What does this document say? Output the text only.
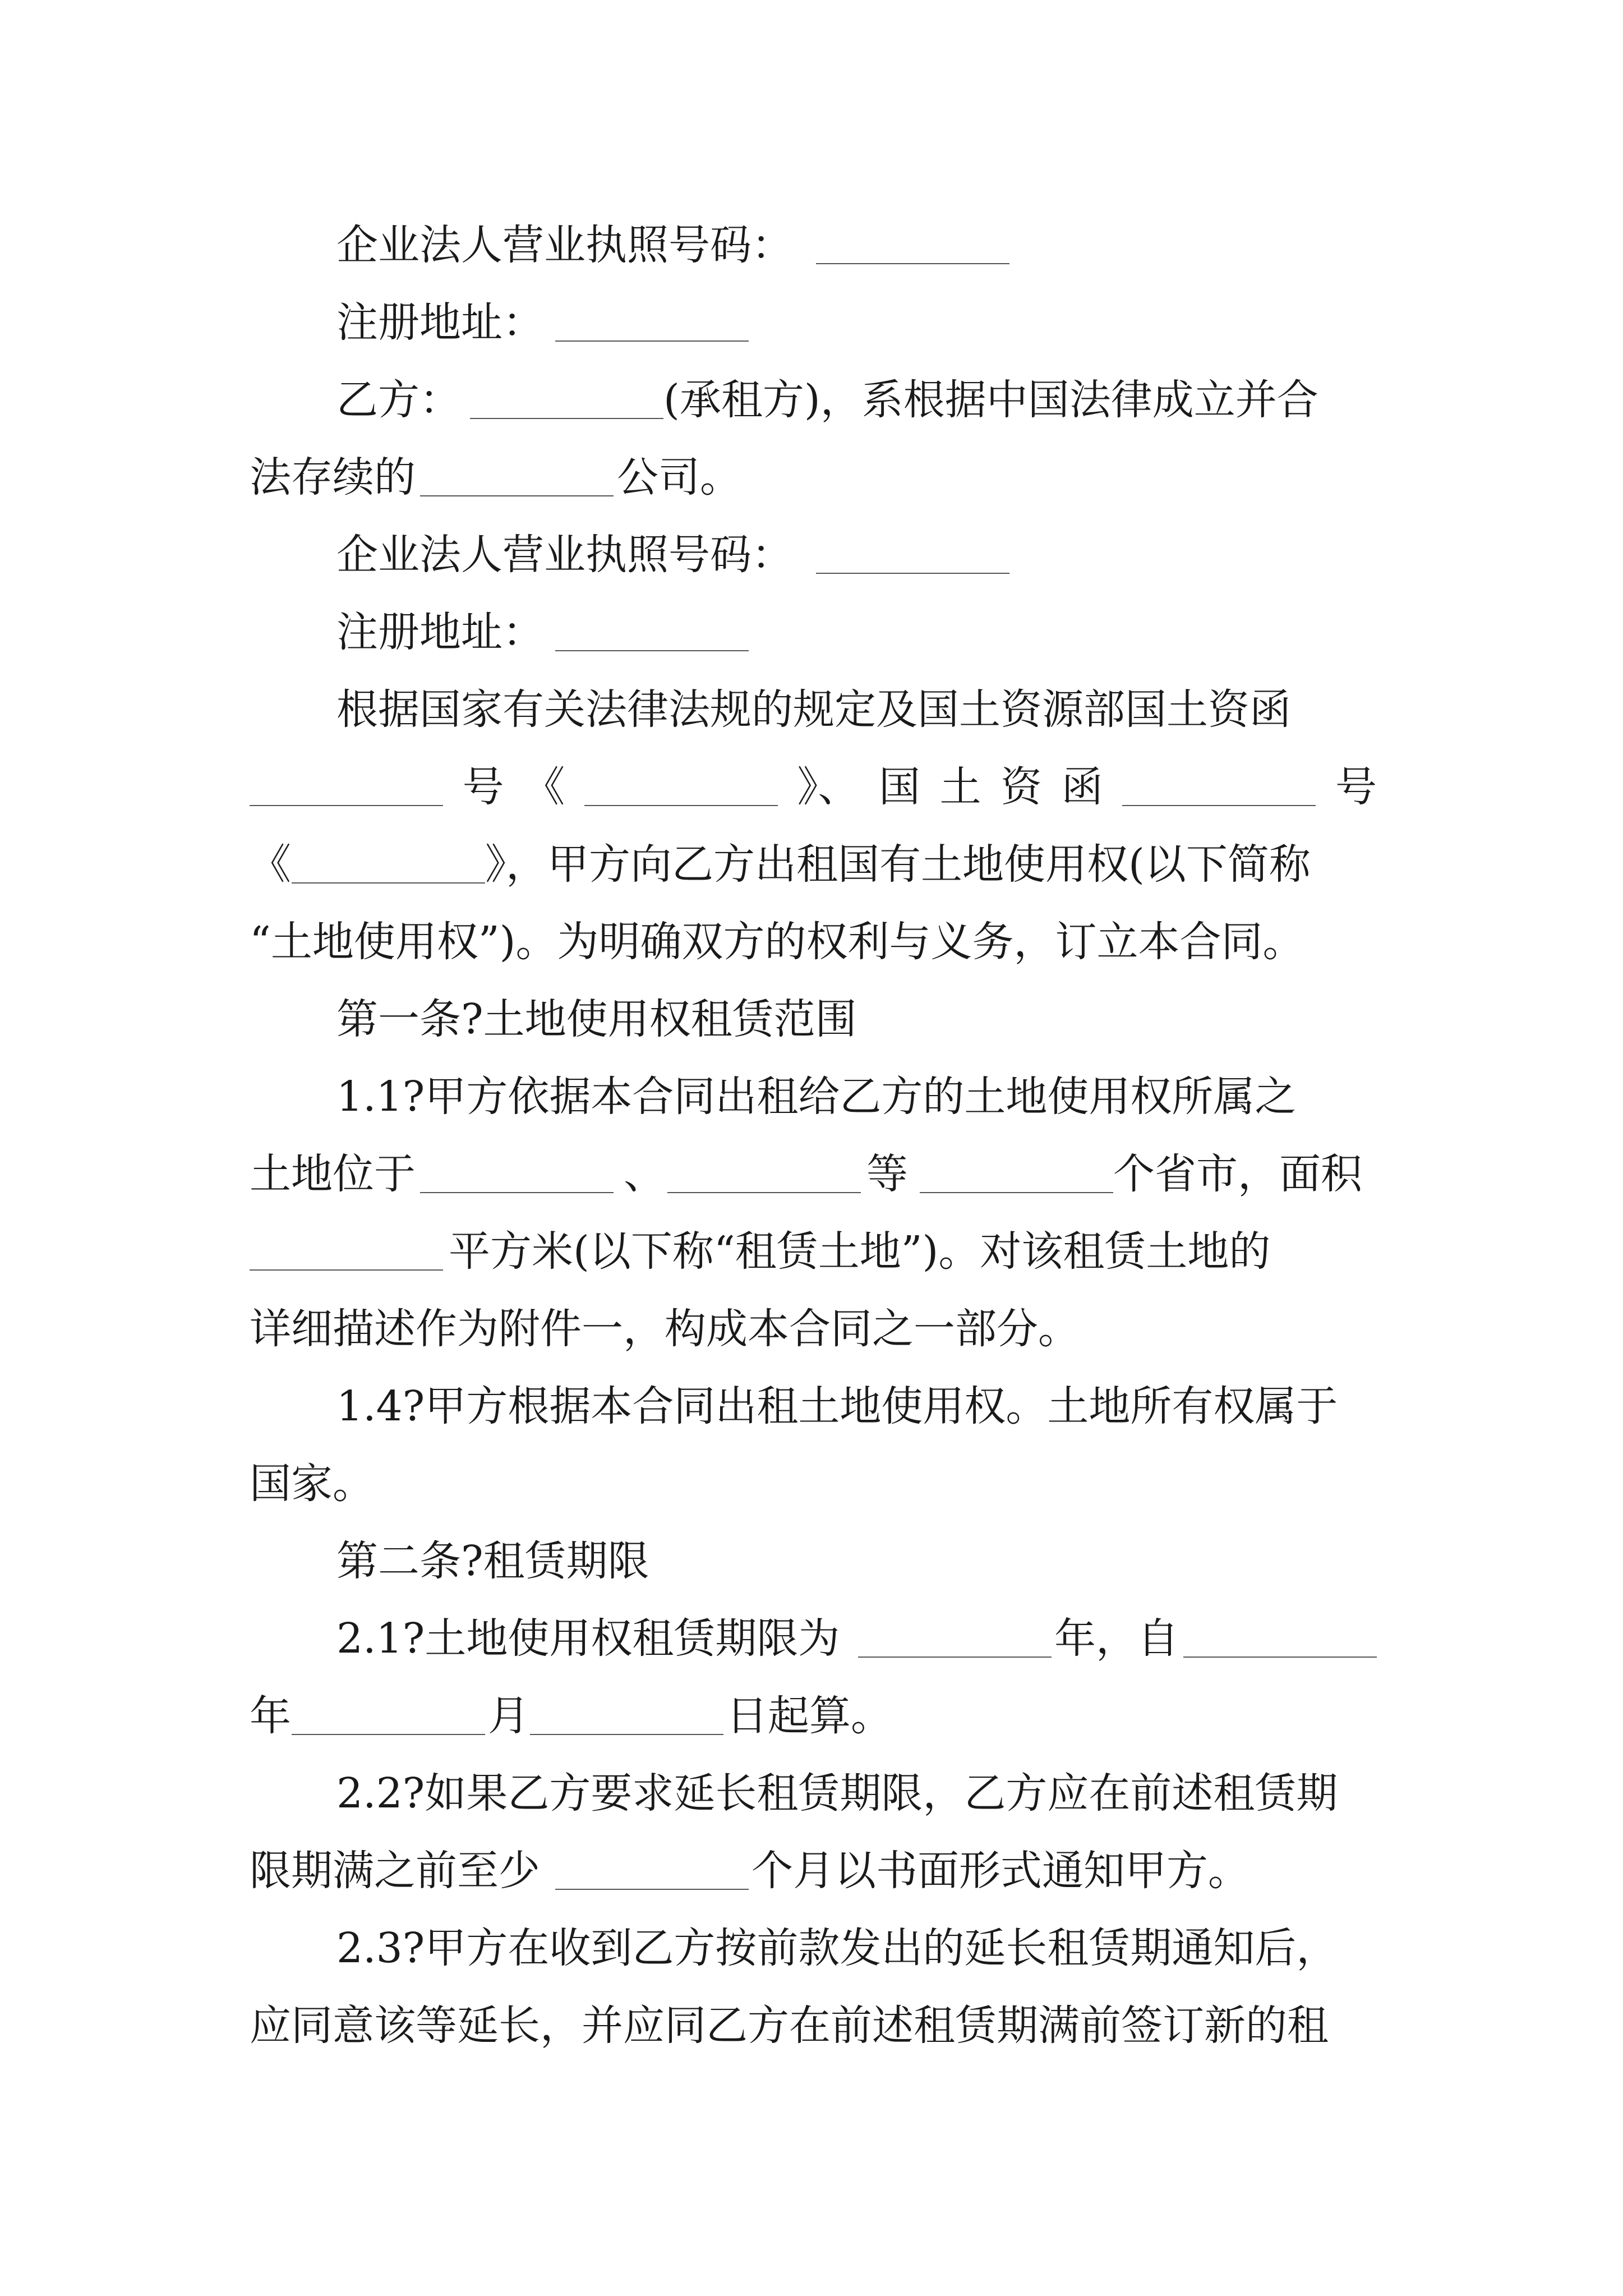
企业法人营业执照号码：

注册地址：

乙方：

	(承租方)，系根据中国法律成立并合

法存续的

	公司。

企业法人营业执照号码：

注册地址：

根据国家有关法律法规的规定及国土资源部国土资函

号 《	》、 国 土 资 函	号

《

	》，甲方向乙方出租国有土地使用权(以下简称

“土地使用权”)。为明确双方的权利与义务，订立本合同。

第一条?土地使用权租赁范围

1.1?甲方依据本合同出租给乙方的土地使用权所属之

土地位于

	、

	等

	个省市，面积

平方米(以下称“租赁土地”)。对该租赁土地的

详细描述作为附件一，构成本合同之一部分。

1.4?甲方根据本合同出租土地使用权。土地所有权属于

国家。

第二条?租赁期限

2.1?土地使用权租赁期限为

	年，自

年

	月

	日起算。

2.2?如果乙方要求延长租赁期限，乙方应在前述租赁期

限期满之前至少

	个月以书面形式通知甲方。

2.3?甲方在收到乙方按前款发出的延长租赁期通知后，

应同意该等延长，并应同乙方在前述租赁期满前签订新的租
